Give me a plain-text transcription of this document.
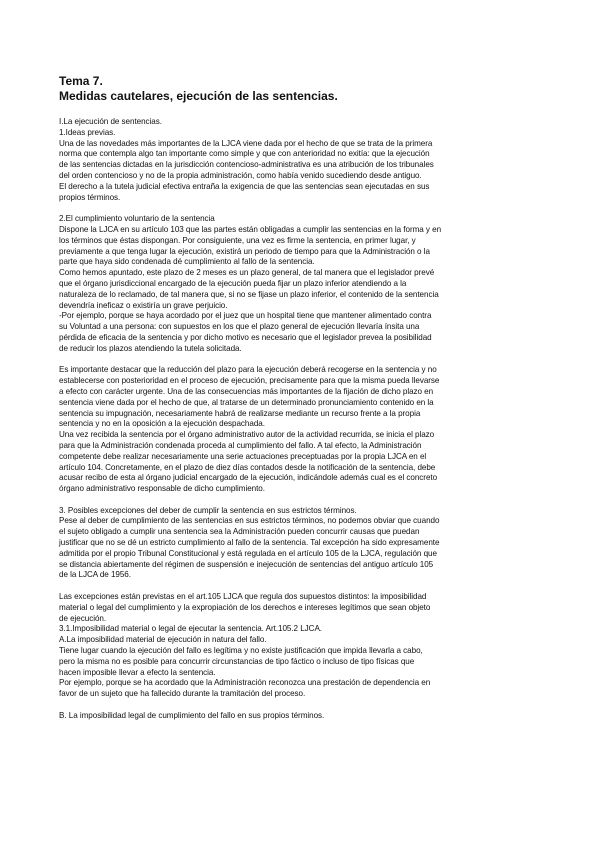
Tema 7.
Medidas cautelares, ejecución de las sentencias.
I.La ejecución de sentencias.
1.Ideas previas.
Una de las novedades más importantes de la LJCA viene dada por el hecho de que se trata de la primera
norma que contempla algo tan importante como simple y que con anterioridad no exitía: que la ejecución
de las sentencias dictadas en la jurisdicción contencioso-administrativa es una atribución de los tribunales
del orden contencioso y no de la propia administración, como había venido sucediendo desde antiguo.
El derecho a la tutela judicial efectiva entraña la exigencia de que las sentencias sean ejecutadas en sus
propios términos.
2.El cumplimiento voluntario de la sentencia
Dispone la LJCA en su artículo 103 que las partes están obligadas a cumplir las sentencias en la forma y en
los términos que éstas dispongan. Por consiguiente, una vez es firme la sentencia, en primer lugar, y
previamente a que tenga lugar la ejecución, existirá un periodo de tiempo para que la Administración o la
parte que haya sido condenada dé cumplimiento al fallo de la sentencia.
Como hemos apuntado, este plazo de 2 meses es un plazo general, de tal manera que el legislador prevé
que el órgano jurisdiccional encargado de la ejecución pueda fijar un plazo inferior atendiendo a la
naturaleza de lo reclamado, de tal manera que, si no se fijase un plazo inferior, el contenido de la sentencia
devendría ineficaz o existiría un grave perjuicio.
-Por ejemplo, porque se haya acordado por el juez que un hospital tiene que mantener alimentado contra
su Voluntad a una persona: con supuestos en los que el plazo general de ejecución llevaría ínsita una
pérdida de eficacia de la sentencia y por dicho motivo es necesario que el legislador prevea la posibilidad
de reducir los plazos atendiendo la tutela solicitada.
Es importante destacar que la reducción del plazo para la ejecución deberá recogerse en la sentencia y no
establecerse con posterioridad en el proceso de ejecución, precisamente para que la misma pueda llevarse
a efecto con carácter urgente. Una de las consecuencias más importantes de la fijación de dicho plazo en
sentencia viene dada por el hecho de que, al tratarse de un determinado pronunciamiento contenido en la
sentencia su impugnación, necesariamente habrá de realizarse mediante un recurso frente a la propia
sentencia y no en la oposición a la ejecución despachada.
Una vez recibida la sentencia por el órgano administrativo autor de la actividad recurrida, se inicia el plazo
para que la Administración condenada proceda al cumplimiento del fallo. A tal efecto, la Administración
competente debe realizar necesariamente una serie actuaciones preceptuadas por la propia LJCA en el
artículo 104. Concretamente, en el plazo de diez días contados desde la notificación de la sentencia, debe
acusar recibo de esta al órgano judicial encargado de la ejecución, indicándole además cual es el concreto
órgano administrativo responsable de dicho cumplimiento.
3. Posibles excepciones del deber de cumplir la sentencia en sus estrictos términos.
Pese al deber de cumplimiento de las sentencias en sus estrictos términos, no podemos obviar que cuando
el sujeto obligado a cumplir una sentencia sea la Administración pueden concurrir causas que puedan
justificar que no se dé un estricto cumplimiento al fallo de la sentencia. Tal excepción ha sido expresamente
admitida por el propio Tribunal Constitucional y está regulada en el artículo 105 de la LJCA, regulación que
se distancia abiertamente del régimen de suspensión e inejecución de sentencias del antiguo artículo 105
de la LJCA de 1956.
Las excepciones están previstas en el art.105 LJCA que regula dos supuestos distintos: la imposibilidad
material o legal del cumplimiento y la expropiación de los derechos e intereses legítimos que sean objeto
de ejecución.
3.1.Imposibilidad material o legal de ejecutar la sentencia. Art.105.2 LJCA.
A.La imposibilidad material de ejecución in natura del fallo.
Tiene lugar cuando la ejecución del fallo es legítima y no existe justificación que impida llevarla a cabo,
pero la misma no es posible para concurrir circunstancias de tipo fáctico o incluso de tipo físicas que
hacen imposible llevar a efecto la sentencia.
Por ejemplo, porque se ha acordado que la Administración reconozca una prestación de dependencia en
favor de un sujeto que ha fallecido durante la tramitación del proceso.
B. La imposibilidad legal de cumplimiento del fallo en sus propios términos.
